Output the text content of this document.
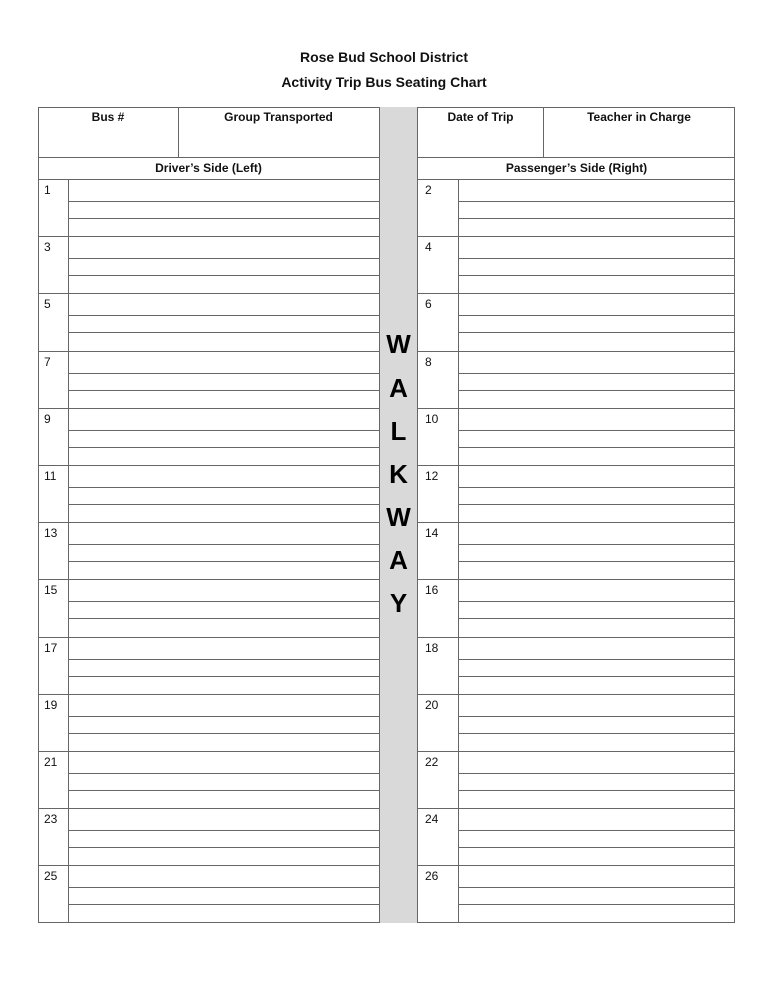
Rose Bud School District
Activity Trip Bus Seating Chart
Bus #	Group Transported	Date of Trip	Teacher in Charge
Driver’s Side (Left)	Passenger’s Side (Right)
W
A
L
K
W
A
Y
1	2
3	4
5	6
7	8
9	10
11	12
13	14
15	16
17	18
19	20
21	22
23	24
25	26
